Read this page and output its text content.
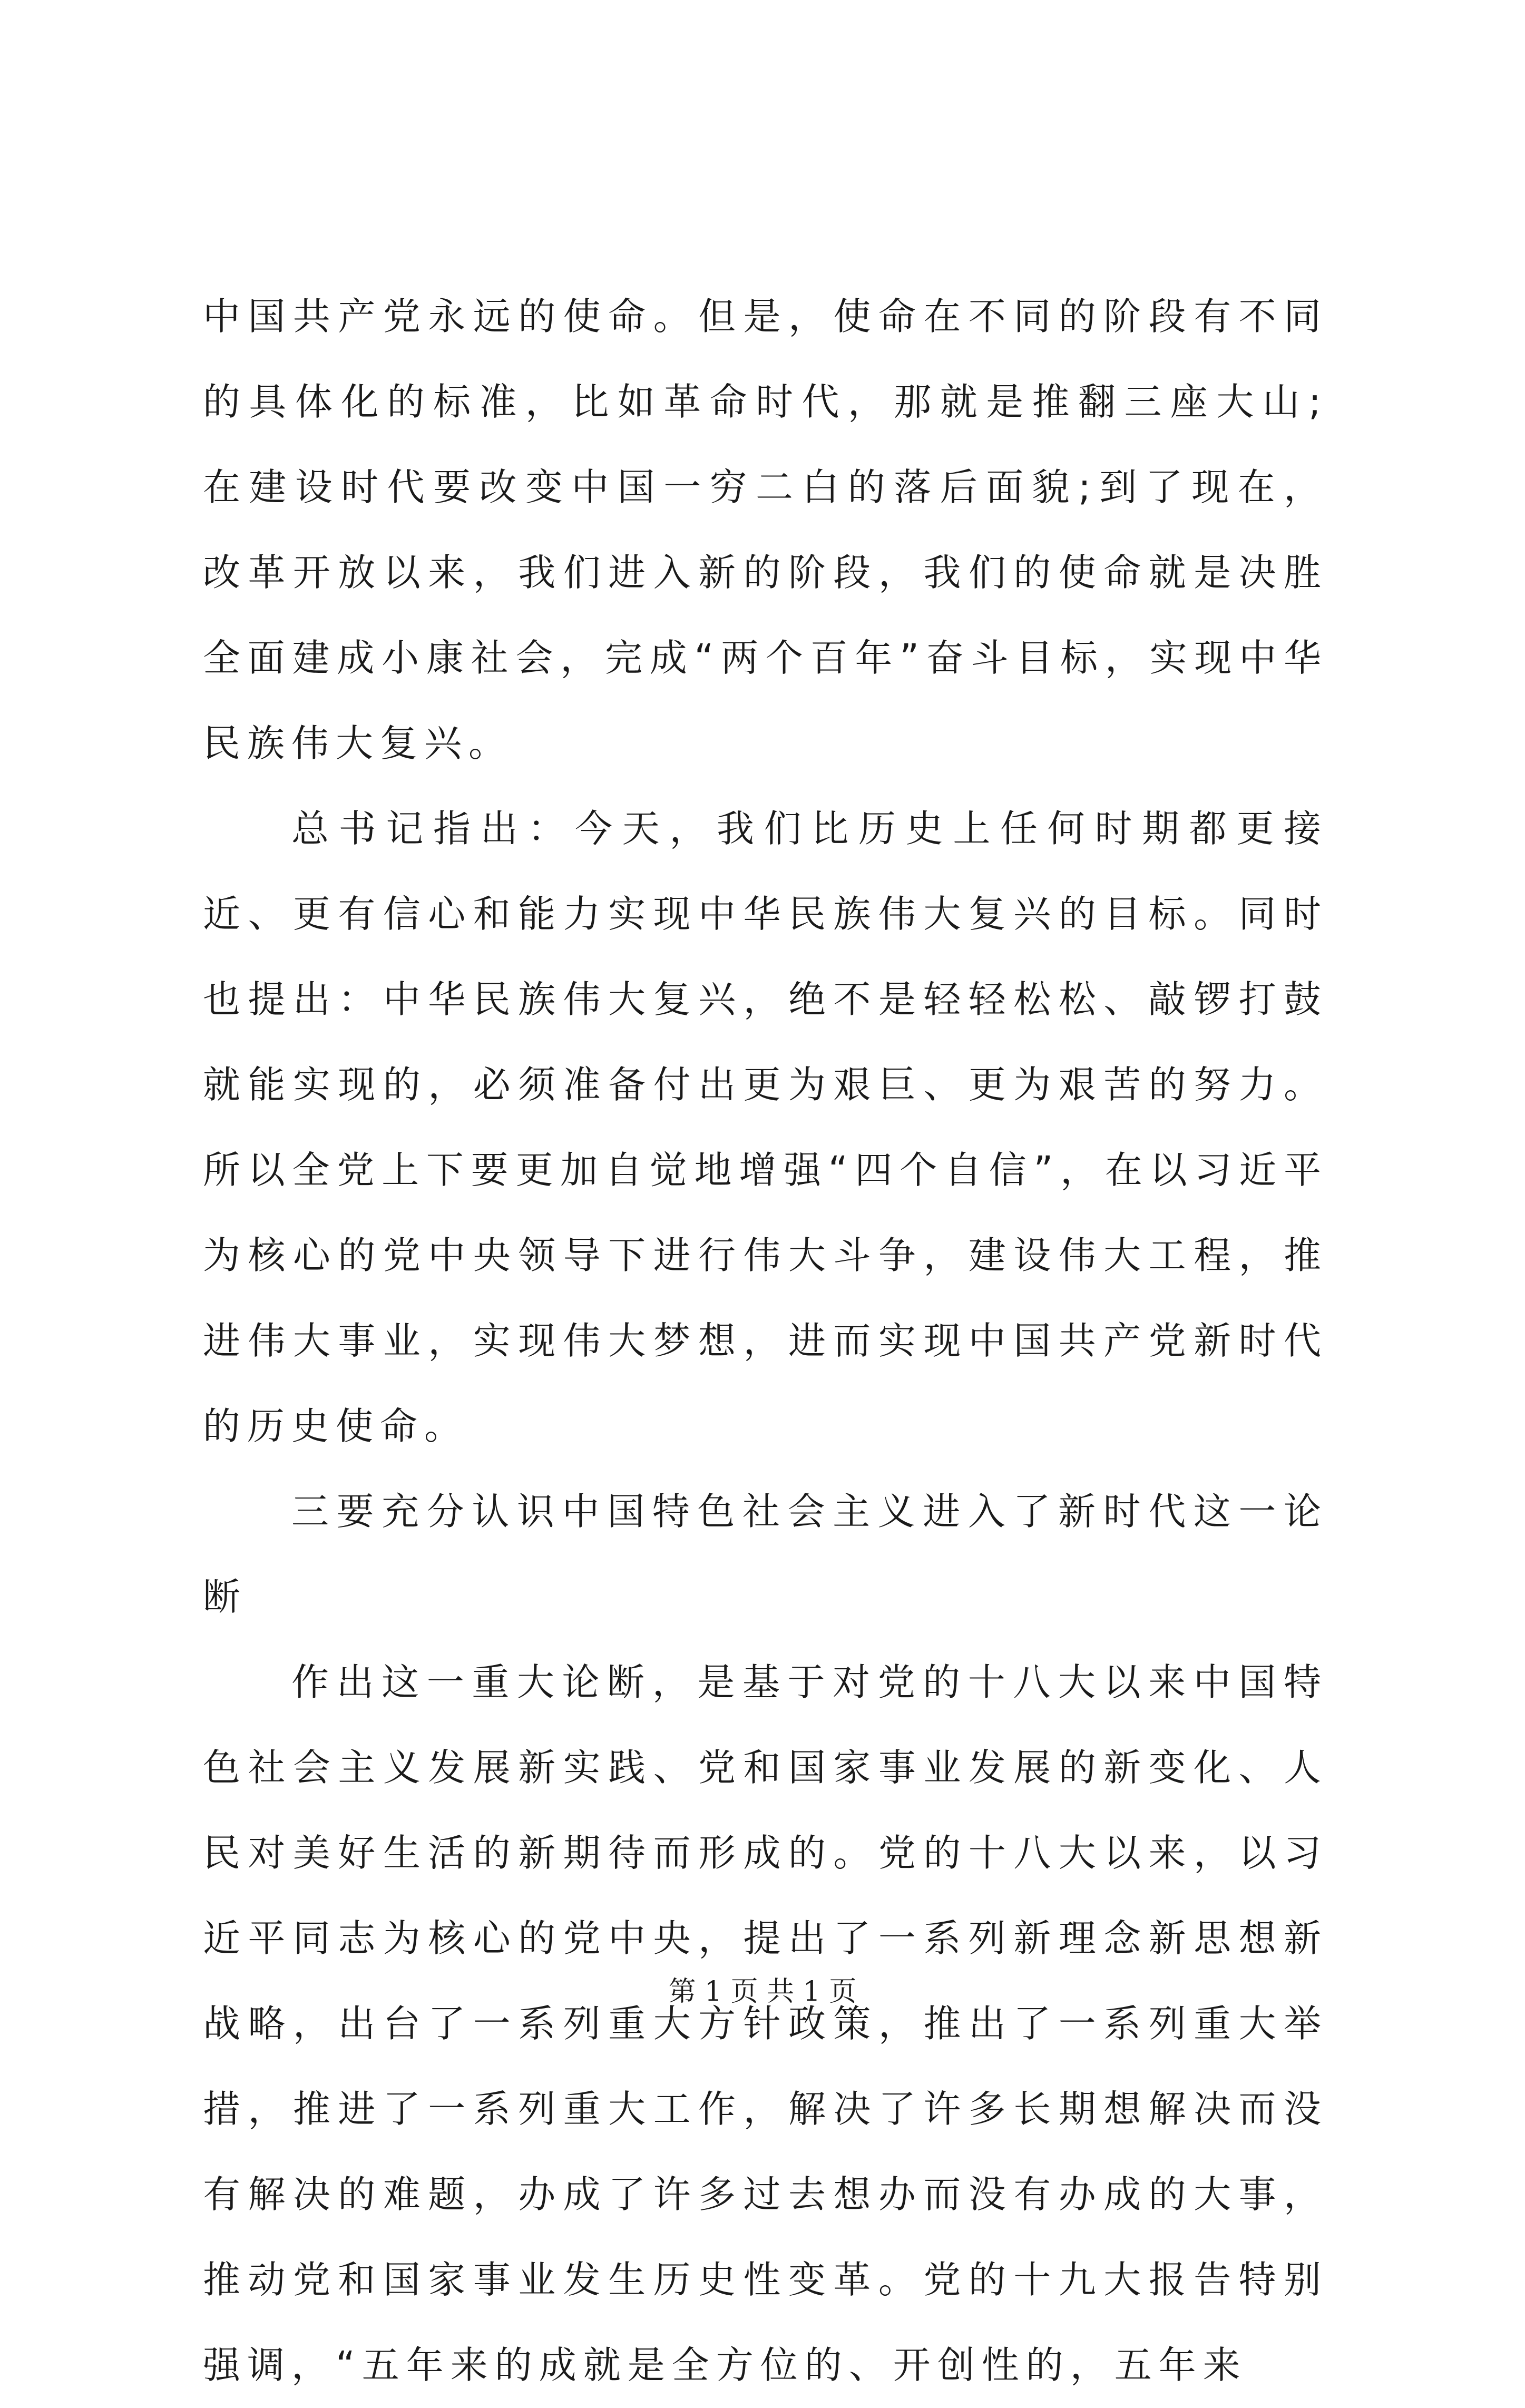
中国共产党永远的使命。但是，使命在不同的阶段有不同的具体化的标准，比如革命时代，那就是推翻三座大山;在建设时代要改变中国一穷二白的落后面貌;到了现在，改革开放以来，我们进入新的阶段，我们的使命就是决胜全面建成小康社会，完成“两个百年”奋斗目标，实现中华民族伟大复兴。

总书记指出：今天，我们比历史上任何时期都更接近、更有信心和能力实现中华民族伟大复兴的目标。同时也提出：中华民族伟大复兴，绝不是轻轻松松、敲锣打鼓就能实现的，必须准备付出更为艰巨、更为艰苦的努力。所以全党上下要更加自觉地增强“四个自信”，在以习近平为核心的党中央领导下进行伟大斗争，建设伟大工程，推进伟大事业，实现伟大梦想，进而实现中国共产党新时代的历史使命。

三要充分认识中国特色社会主义进入了新时代这一论断

作出这一重大论断，是基于对党的十八大以来中国特色社会主义发展新实践、党和国家事业发展的新变化、人民对美好生活的新期待而形成的。党的十八大以来，以习近平同志为核心的党中央，提出了一系列新理念新思想新战略，出台了一系列重大方针政策，推出了一系列重大举措，推进了一系列重大工作，解决了许多长期想解决而没有解决的难题，办成了许多过去想办而没有办成的大事，推动党和国家事业发生历史性变革。党的十九大报告特别强调，“五年来的成就是全方位的、开创性的，五年来

第 1 页 共 1 页
